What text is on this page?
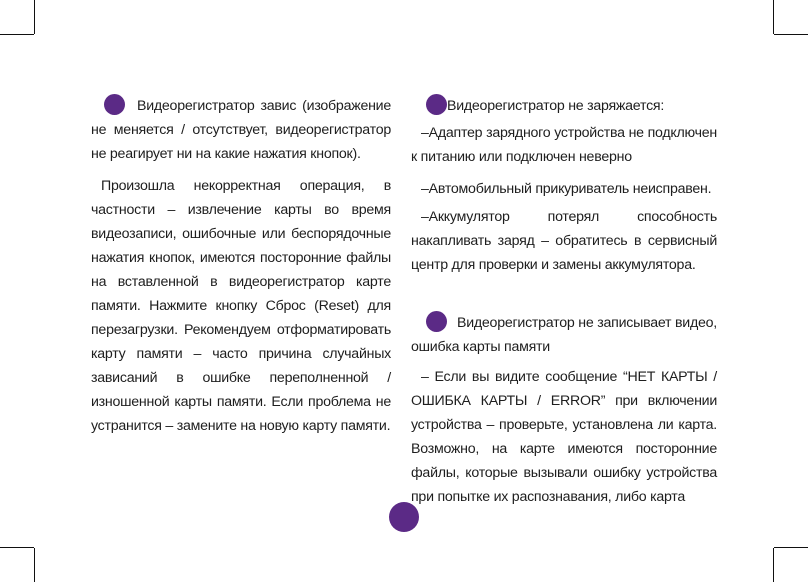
Видеорегистратор завис (изображение не меняется / отсутствует, видеорегистратор не реагирует ни на какие нажатия кнопок).

Произошла некорректная операция, в частности – извлечение карты во время видеозаписи, ошибочные или беспорядочные нажатия кнопок, имеются посторонние файлы на вставленной в видеорегистратор карте памяти. Нажмите кнопку Сброс (Reset) для перезагрузки. Рекомендуем отформатировать карту памяти – часто причина случайных зависаний в ошибке переполненной / изношенной карты памяти. Если проблема не устранится – замените на новую карту памяти.

Видеорегистратор не заряжается:

–Адаптер зарядного устройства не подключен к питанию или подключен неверно

–Автомобильный прикуриватель неисправен.

–Аккумулятор потерял способность накапливать заряд – обратитесь в сервисный центр для проверки и замены аккумулятора.

Видеорегистратор не записывает видео, ошибка карты памяти

– Если вы видите сообщение “НЕТ КАРТЫ / ОШИБКА КАРТЫ / ERROR” при включении устройства – проверьте, установлена ли карта. Возможно, на карте имеются посторонние файлы, которые вызывали ошибку устройства при попытке их распознавания, либо карта
